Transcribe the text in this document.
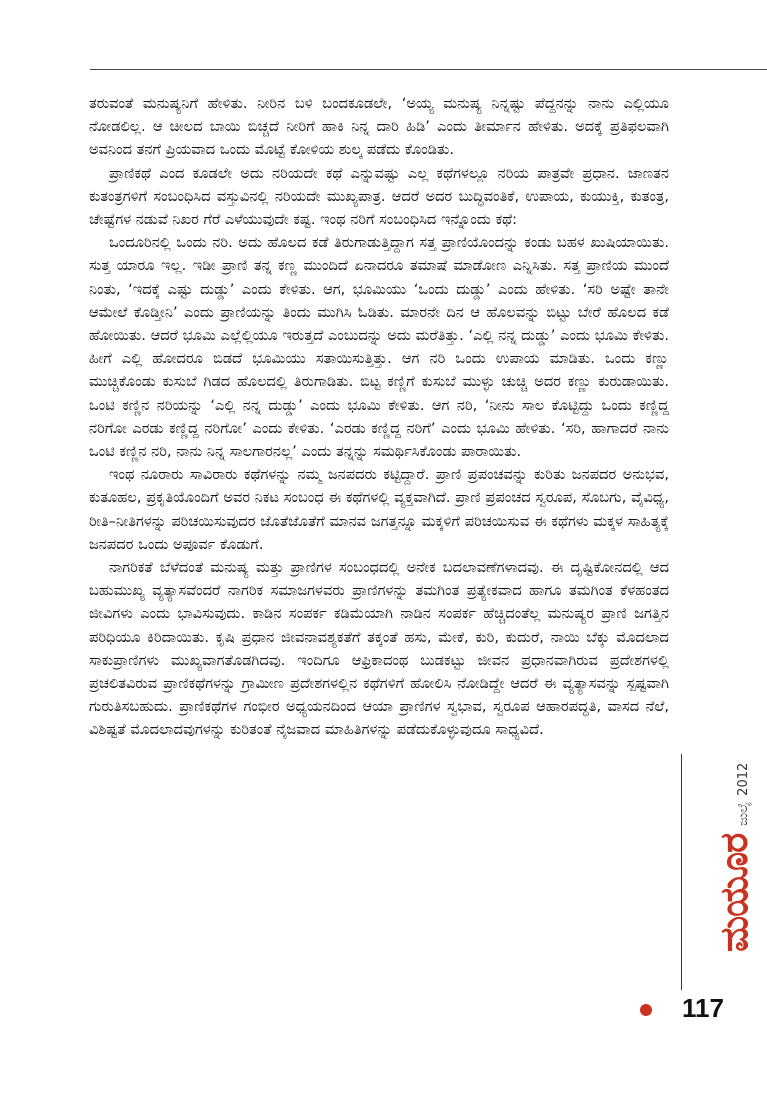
ತರುವಂತೆ ಮನುಷ್ಯನಿಗೆ ಹೇಳಿತು. ನೀರಿನ ಬಳಿ ಬಂದಕೂಡಲೇ, ‘ಅಯ್ಯ ಮನುಷ್ಯ ನಿನ್ನಷ್ಟು ಪೆದ್ದನನ್ನು ನಾನು ಎಲ್ಲಿಯೂ ನೋಡಲಿಲ್ಲ. ಆ ಚೀಲದ ಬಾಯಿ ಬಿಚ್ಚದೆ ನೀರಿಗೆ ಹಾಕಿ ನಿನ್ನ ದಾರಿ ಹಿಡಿ’ ಎಂದು ತೀರ್ಮಾನ ಹೇಳಿತು. ಅದಕ್ಕೆ ಪ್ರತಿಫಲವಾಗಿ ಅವನಿಂದ ತನಗೆ ಪ್ರಿಯವಾದ ಒಂದು ಮೊಟ್ಟೆ ಕೋಳಿಯ ಶುಲ್ಕ ಪಡೆದು ಕೊಂಡಿತು.

ಪ್ರಾಣಿಕಥೆ ಎಂದ ಕೂಡಲೇ ಅದು ನರಿಯದೇ ಕಥೆ ಎನ್ನುವಷ್ಟು ಎಲ್ಲ ಕಥೆಗಳಲ್ಲೂ ನರಿಯ ಪಾತ್ರವೇ ಪ್ರಧಾನ. ಜಾಣತನ ಕುತಂತ್ರಗಳಿಗೆ ಸಂಬಂಧಿಸಿದ ವಸ್ತುವಿನಲ್ಲಿ ನರಿಯದೇ ಮುಖ್ಯಪಾತ್ರ. ಆದರೆ ಅದರ ಬುದ್ಧಿವಂತಿಕೆ, ಉಪಾಯ, ಕುಯುಕ್ತಿ, ಕುತಂತ್ರ, ಚೇಷ್ಟೆಗಳ ನಡುವೆ ನಿಖರ ಗೆರೆ ಎಳೆಯುವುದೇ ಕಷ್ಟ. ಇಂಥ ನರಿಗೆ ಸಂಬಂಧಿಸಿದ ಇನ್ನೊಂದು ಕಥೆ:

ಒಂದೂರಿನಲ್ಲಿ ಒಂದು ನರಿ. ಅದು ಹೊಲದ ಕಡೆ ತಿರುಗಾಡುತ್ತಿದ್ದಾಗ ಸತ್ತ ಪ್ರಾಣಿಯೊಂದನ್ನು ಕಂಡು ಬಹಳ ಖುಷಿಯಾಯಿತು. ಸುತ್ತ ಯಾರೂ ಇಲ್ಲ. ಇಡೀ ಪ್ರಾಣಿ ತನ್ನ ಕಣ್ಣ ಮುಂದಿದೆ ಏನಾದರೂ ತಮಾಷೆ ಮಾಡೋಣ ಎನ್ನಿಸಿತು. ಸತ್ತ ಪ್ರಾಣಿಯ ಮುಂದೆ ನಿಂತು, ‘ಇದಕ್ಕೆ ಎಷ್ಟು ದುಡ್ಡು’ ಎಂದು ಕೇಳಿತು. ಆಗ, ಭೂಮಿಯು ‘ಒಂದು ದುಡ್ಡು’ ಎಂದು ಹೇಳಿತು. ‘ಸರಿ ಅಷ್ಟೇ ತಾನೇ ಆಮೇಲೆ ಕೊಡ್ತೀನಿ’ ಎಂದು ಪ್ರಾಣಿಯನ್ನು ತಿಂದು ಮುಗಿಸಿ ಓಡಿತು. ಮಾರನೇ ದಿನ ಆ ಹೊಲವನ್ನು ಬಿಟ್ಟು ಬೇರೆ ಹೊಲದ ಕಡೆ ಹೋಯಿತು. ಆದರೆ ಭೂಮಿ ಎಲ್ಲೆಲ್ಲಿಯೂ ಇರುತ್ತದೆ ಎಂಬುದನ್ನು ಅದು ಮರೆತಿತ್ತು. ‘ಎಲ್ಲಿ ನನ್ನ ದುಡ್ಡು’ ಎಂದು ಭೂಮಿ ಕೇಳಿತು. ಹೀಗೆ ಎಲ್ಲಿ ಹೋದರೂ ಬಿಡದೆ ಭೂಮಿಯು ಸತಾಯಿಸುತ್ತಿತ್ತು. ಆಗ ನರಿ ಒಂದು ಉಪಾಯ ಮಾಡಿತು. ಒಂದು ಕಣ್ಣು ಮುಚ್ಚಿಕೊಂಡು ಕುಸುಬೆ ಗಿಡದ ಹೊಲದಲ್ಲಿ ತಿರುಗಾಡಿತು. ಬಿಟ್ಟ ಕಣ್ಣಿಗೆ ಕುಸುಬೆ ಮುಳ್ಳು ಚುಚ್ಚಿ ಅದರ ಕಣ್ಣು ಕುರುಡಾಯಿತು. ಒಂಟಿ ಕಣ್ಣಿನ ನರಿಯನ್ನು ‘ಎಲ್ಲಿ ನನ್ನ ದುಡ್ಡು’ ಎಂದು ಭೂಮಿ ಕೇಳಿತು. ಆಗ ನರಿ, ‘ನೀನು ಸಾಲ ಕೊಟ್ಟಿದ್ದು ಒಂದು ಕಣ್ಣಿದ್ದ ನರಿಗೋ ಎರಡು ಕಣ್ಣಿದ್ದ ನರಿಗೋ’ ಎಂದು ಕೇಳಿತು. ‘ಎರಡು ಕಣ್ಣಿದ್ದ ನರಿಗೆ’ ಎಂದು ಭೂಮಿ ಹೇಳಿತು. ‘ಸರಿ, ಹಾಗಾದರೆ ನಾನು ಒಂಟಿ ಕಣ್ಣಿನ ನರಿ, ನಾನು ನಿನ್ನ ಸಾಲಗಾರನಲ್ಲ’ ಎಂದು ತನ್ನನ್ನು ಸಮರ್ಥಿಸಿಕೊಂಡು ಪಾರಾಯಿತು.

ಇಂಥ ನೂರಾರು ಸಾವಿರಾರು ಕಥೆಗಳನ್ನು ನಮ್ಮ ಜನಪದರು ಕಟ್ಟಿದ್ದಾರೆ. ಪ್ರಾಣಿ ಪ್ರಪಂಚವನ್ನು ಕುರಿತು ಜನಪದರ ಅನುಭವ, ಕುತೂಹಲ, ಪ್ರಕೃತಿಯೊಂದಿಗೆ ಅವರ ನಿಕಟ ಸಂಬಂಧ ಈ ಕಥೆಗಳಲ್ಲಿ ವ್ಯಕ್ತವಾಗಿದೆ. ಪ್ರಾಣಿ ಪ್ರಪಂಚದ ಸ್ವರೂಪ, ಸೊಬಗು, ವೈವಿಧ್ಯ, ರೀತಿ–ನೀತಿಗಳನ್ನು ಪರಿಚಯಿಸುವುದರ ಜೊತೆಜೊತೆಗೆ ಮಾನವ ಜಗತ್ತನ್ನೂ ಮಕ್ಕಳಿಗೆ ಪರಿಚಯಿಸುವ ಈ ಕಥೆಗಳು ಮಕ್ಕಳ ಸಾಹಿತ್ಯಕ್ಕೆ ಜನಪದರ ಒಂದು ಅಪೂರ್ವ ಕೊಡುಗೆ.

ನಾಗರಿಕತೆ ಬೆಳೆದಂತೆ ಮನುಷ್ಯ ಮತ್ತು ಪ್ರಾಣಿಗಳ ಸಂಬಂಧದಲ್ಲಿ ಅನೇಕ ಬದಲಾವಣೆಗಳಾದವು. ಈ ದೃಷ್ಟಿಕೋನದಲ್ಲಿ ಆದ ಬಹುಮುಖ್ಯ ವ್ಯತ್ಯಾಸವೆಂದರೆ ನಾಗರಿಕ ಸಮಾಜಗಳವರು ಪ್ರಾಣಿಗಳನ್ನು ತಮಗಿಂತ ಪ್ರತ್ಯೇಕವಾದ ಹಾಗೂ ತಮಗಿಂತ ಕೆಳಹಂತದ ಜೀವಿಗಳು ಎಂದು ಭಾವಿಸುವುದು. ಕಾಡಿನ ಸಂಪರ್ಕ ಕಡಿಮೆಯಾಗಿ ನಾಡಿನ ಸಂಪರ್ಕ ಹೆಚ್ಚಿದಂತೆಲ್ಲ ಮನುಷ್ಯರ ಪ್ರಾಣಿ ಜಗತ್ತಿನ ಪರಿಧಿಯೂ ಕಿರಿದಾಯಿತು. ಕೃಷಿ ಪ್ರಧಾನ ಜೀವನಾವಶ್ಯಕತೆಗೆ ತಕ್ಕಂತೆ ಹಸು, ಮೇಕೆ, ಕುರಿ, ಕುದುರೆ, ನಾಯಿ ಬೆಕ್ಕು ಮೊದಲಾದ ಸಾಕುಪ್ರಾಣಿಗಳು ಮುಖ್ಯವಾಗತೊಡಗಿದವು. ಇಂದಿಗೂ ಆಫ್ರಿಕಾದಂಥ ಬುಡಕಟ್ಟು ಜೀವನ ಪ್ರಧಾನವಾಗಿರುವ ಪ್ರದೇಶಗಳಲ್ಲಿ ಪ್ರಚಲಿತವಿರುವ ಪ್ರಾಣಿಕಥೆಗಳನ್ನು ಗ್ರಾಮೀಣ ಪ್ರದೇಶಗಳಲ್ಲಿನ ಕಥೆಗಳಿಗೆ ಹೋಲಿಸಿ ನೋಡಿದ್ದೇ ಆದರೆ ಈ ವ್ಯತ್ಯಾಸವನ್ನು ಸ್ಪಷ್ಟವಾಗಿ ಗುರುತಿಸಬಹುದು. ಪ್ರಾಣಿಕಥೆಗಳ ಗಂಭೀರ ಅಧ್ಯಯನದಿಂದ ಆಯಾ ಪ್ರಾಣಿಗಳ ಸ್ವಭಾವ, ಸ್ವರೂಪ ಆಹಾರಪದ್ಧತಿ, ವಾಸದ ನೆಲೆ, ವಿಶಿಷ್ಟತೆ ಮೊದಲಾದವುಗಳನ್ನು ಕುರಿತಂತೆ ನೈಜವಾದ ಮಾಹಿತಿಗಳನ್ನು ಪಡೆದುಕೊಳ್ಳುವುದೂ ಸಾಧ್ಯವಿದೆ.

ಮಯೂರ
ಜುಲೈ
2012
117
